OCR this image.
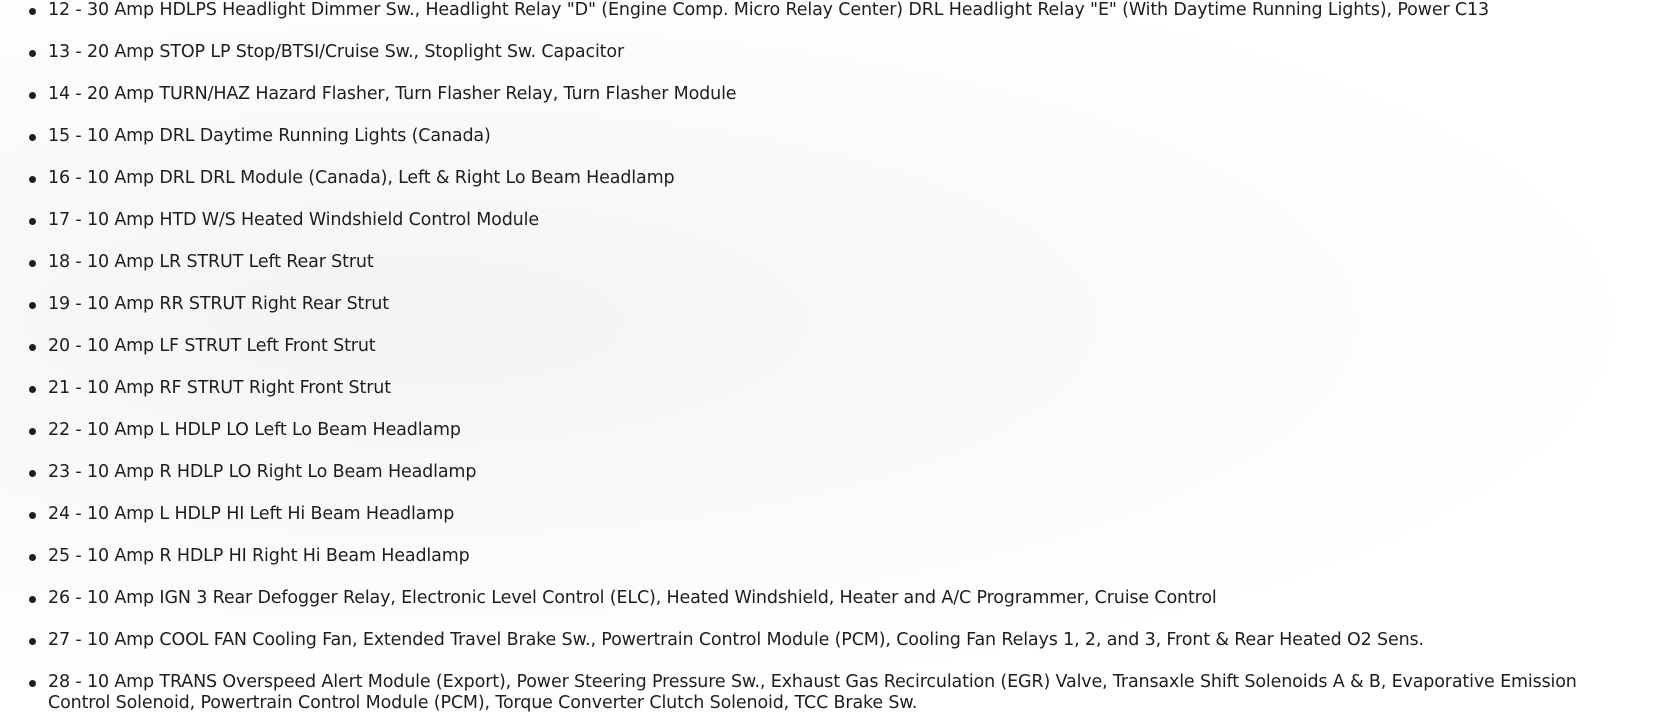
12 - 30 Amp HDLPS Headlight Dimmer Sw., Headlight Relay "D" (Engine Comp. Micro Relay Center) DRL Headlight Relay "E" (With Daytime Running Lights), Power C13
13 - 20 Amp STOP LP Stop/BTSI/Cruise Sw., Stoplight Sw. Capacitor
14 - 20 Amp TURN/HAZ Hazard Flasher, Turn Flasher Relay, Turn Flasher Module
15 - 10 Amp DRL Daytime Running Lights (Canada)
16 - 10 Amp DRL DRL Module (Canada), Left & Right Lo Beam Headlamp
17 - 10 Amp HTD W/S Heated Windshield Control Module
18 - 10 Amp LR STRUT Left Rear Strut
19 - 10 Amp RR STRUT Right Rear Strut
20 - 10 Amp LF STRUT Left Front Strut
21 - 10 Amp RF STRUT Right Front Strut
22 - 10 Amp L HDLP LO Left Lo Beam Headlamp
23 - 10 Amp R HDLP LO Right Lo Beam Headlamp
24 - 10 Amp L HDLP HI Left Hi Beam Headlamp
25 - 10 Amp R HDLP HI Right Hi Beam Headlamp
26 - 10 Amp IGN 3 Rear Defogger Relay, Electronic Level Control (ELC), Heated Windshield, Heater and A/C Programmer, Cruise Control
27 - 10 Amp COOL FAN Cooling Fan, Extended Travel Brake Sw., Powertrain Control Module (PCM), Cooling Fan Relays 1, 2, and 3, Front & Rear Heated O2 Sens.
28 - 10 Amp TRANS Overspeed Alert Module (Export), Power Steering Pressure Sw., Exhaust Gas Recirculation (EGR) Valve, Transaxle Shift Solenoids A & B, Evaporative Emission Control Solenoid, Powertrain Control Module (PCM), Torque Converter Clutch Solenoid, TCC Brake Sw.
